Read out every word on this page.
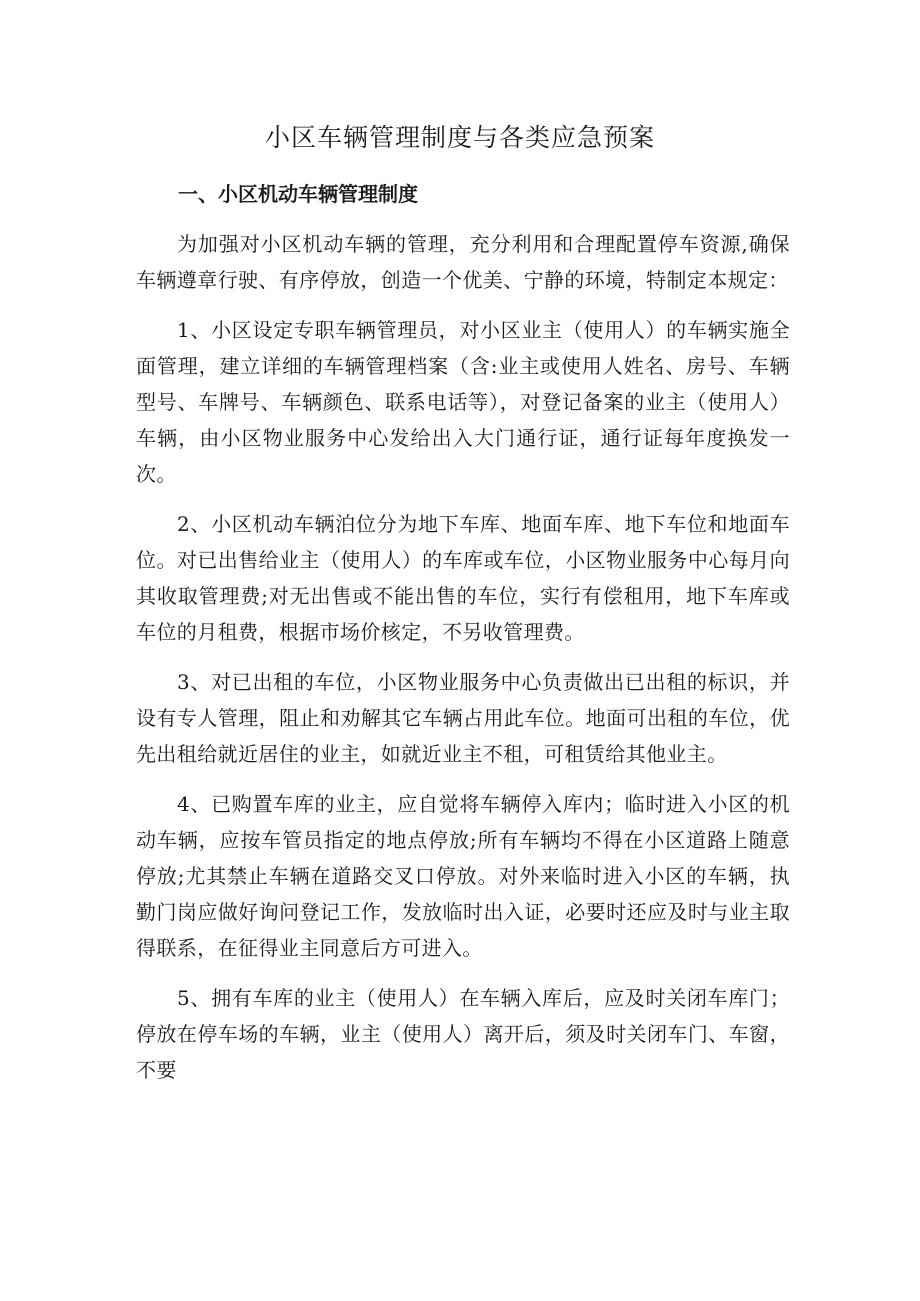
小区车辆管理制度与各类应急预案
一、小区机动车辆管理制度

为加强对小区机动车辆的管理，充分利用和合理配置停车资源,确保车辆遵章行驶、有序停放，创造一个优美、宁静的环境，特制定本规定：

1、小区设定专职车辆管理员，对小区业主（使用人）的车辆实施全面管理，建立详细的车辆管理档案（含:业主或使用人姓名、房号、车辆型号、车牌号、车辆颜色、联系电话等），对登记备案的业主（使用人）车辆，由小区物业服务中心发给出入大门通行证，通行证每年度换发一次。

2、小区机动车辆泊位分为地下车库、地面车库、地下车位和地面车位。对已出售给业主（使用人）的车库或车位，小区物业服务中心每月向其收取管理费;对无出售或不能出售的车位，实行有偿租用，地下车库或车位的月租费，根据市场价核定，不另收管理费。

3、对已出租的车位，小区物业服务中心负责做出已出租的标识，并设有专人管理，阻止和劝解其它车辆占用此车位。地面可出租的车位，优先出租给就近居住的业主，如就近业主不租，可租赁给其他业主。

4、已购置车库的业主，应自觉将车辆停入库内；临时进入小区的机动车辆，应按车管员指定的地点停放;所有车辆均不得在小区道路上随意停放;尤其禁止车辆在道路交叉口停放。对外来临时进入小区的车辆，执勤门岗应做好询问登记工作，发放临时出入证，必要时还应及时与业主取得联系，在征得业主同意后方可进入。

5、拥有车库的业主（使用人）在车辆入库后，应及时关闭车库门；停放在停车场的车辆，业主（使用人）离开后，须及时关闭车门、车窗，不要
